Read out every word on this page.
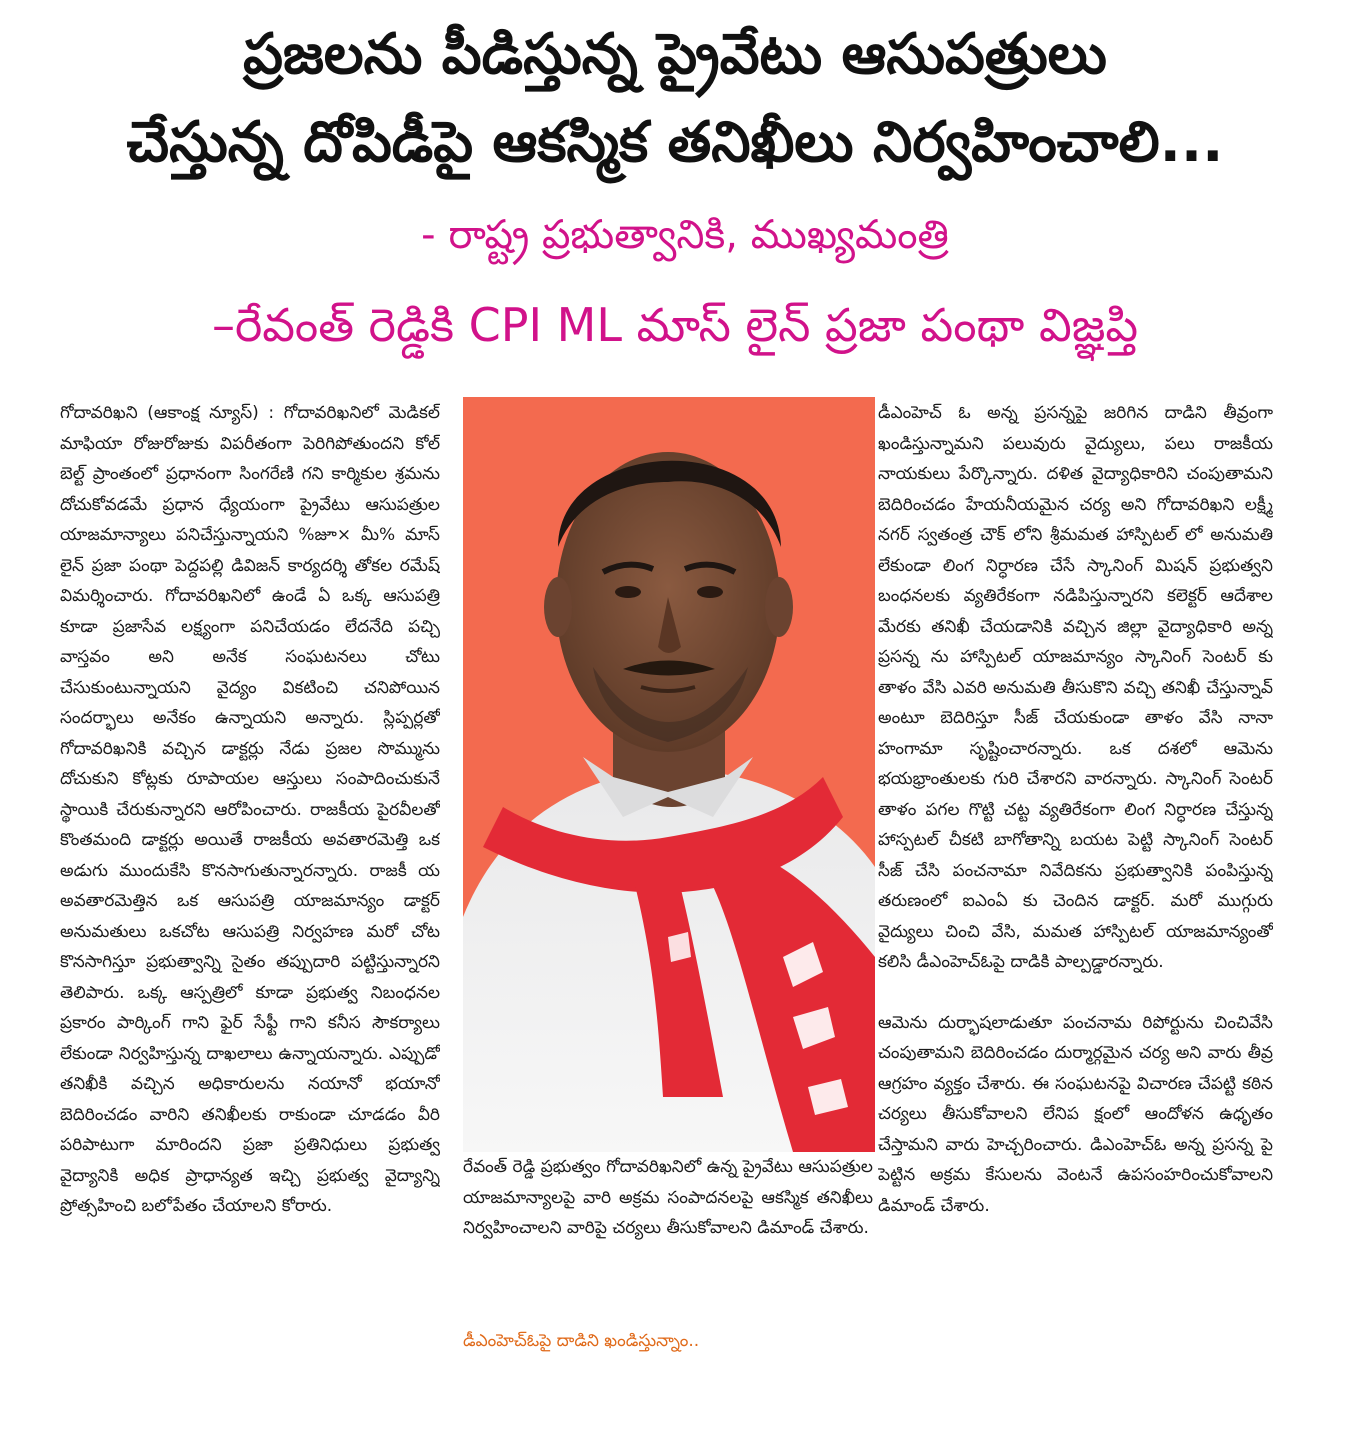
ప్రజలను పీడిస్తున్న ప్రైవేటు ఆసుపత్రులు
చేస్తున్న దోపిడీపై ఆకస్మిక తనిఖీలు నిర్వహించాలి...
- రాష్ట్ర ప్రభుత్వానికి, ముఖ్యమంత్రి
–రేవంత్ రెడ్డికి CPI ML మాస్ లైన్ ప్రజా పంథా విజ్ఞప్తి

గోదావరిఖని (ఆకాంక్ష న్యూస్) : గోదావరిఖనిలో మెడికల్ మాఫియా రోజురోజుకు విపరీతంగా పెరిగిపోతుందని కోల్ బెల్ట్ ప్రాంతంలో ప్రధానంగా సింగరేణి గని కార్మికుల శ్రమను దోచుకోవడమే ప్రధాన ధ్యేయంగా ప్రైవేటు ఆసుపత్రుల యాజమాన్యాలు పనిచేస్తున్నాయని %జూ× మీ% మాస్ లైన్ ప్రజా పంథా పెద్దపల్లి డివిజన్ కార్యదర్శి తోకల రమేష్ విమర్శించారు. గోదావరిఖనిలో ఉండే ఏ ఒక్క ఆసుపత్రి కూడా ప్రజాసేవ లక్ష్యంగా పనిచేయడం లేదనేది పచ్చి వాస్తవం అని అనేక సంఘటనలు చోటు చేసుకుంటున్నాయని వైద్యం వికటించి చనిపోయిన సందర్భాలు అనేకం ఉన్నాయని అన్నారు. స్లిప్పర్లతో గోదావరిఖనికి వచ్చిన డాక్టర్లు నేడు ప్రజల సొమ్మును దోచుకుని కోట్లకు రూపాయల ఆస్తులు సంపాదించుకునే స్థాయికి చేరుకున్నారని ఆరోపించారు. రాజకీయ పైరవీలతో కొంతమంది డాక్టర్లు అయితే రాజకీయ అవతారమెత్తి ఒక అడుగు ముందుకేసి కొనసాగుతున్నారన్నారు. రాజకీ య అవతారమెత్తిన ఒక ఆసుపత్రి యాజమాన్యం డాక్టర్ అనుమతులు ఒకచోట ఆసుపత్రి నిర్వహణ మరో చోట కొనసాగిస్తూ ప్రభుత్వాన్ని సైతం తప్పుదారి పట్టిస్తున్నారని తెలిపారు. ఒక్క ఆస్పత్రిలో కూడా ప్రభుత్వ నిబంధనల ప్రకారం పార్కింగ్ గాని ఫైర్ సేఫ్టీ గాని కనీస సౌకర్యాలు లేకుండా నిర్వహిస్తున్న దాఖలాలు ఉన్నాయన్నారు. ఎప్పుడో తనిఖీకి వచ్చిన అధికారులను నయానో భయానో బెదిరించడం వారిని తనిఖీలకు రాకుండా చూడడం వీరి పరిపాటుగా మారిందని ప్రజా ప్రతినిధులు ప్రభుత్వ వైద్యానికి అధిక ప్రాధాన్యత ఇచ్చి ప్రభుత్వ వైద్యాన్ని ప్రోత్సహించి బలోపేతం చేయాలని కోరారు.

రేవంత్ రెడ్డి ప్రభుత్వం గోదావరిఖనిలో ఉన్న ప్రైవేటు ఆసుపత్రుల యాజమాన్యాలపై వారి అక్రమ సంపాదనలపై ఆకస్మిక తనిఖీలు నిర్వహించాలని వారిపై చర్యలు తీసుకోవాలని డిమాండ్ చేశారు.

డీఎంహెచ్ఓపై దాడిని ఖండిస్తున్నాం..

డీఎంహెచ్ ఓ అన్న ప్రసన్నపై జరిగిన దాడిని తీవ్రంగా ఖండిస్తున్నామని పలువురు వైద్యులు, పలు రాజకీయ నాయకులు పేర్కొన్నారు. దళిత వైద్యాధికారిని చంపుతామని బెదిరించడం హేయనీయమైన చర్య అని గోదావరిఖని లక్ష్మీ నగర్ స్వతంత్ర చౌక్ లోని శ్రీమమత హాస్పిటల్ లో అనుమతి లేకుండా లింగ నిర్ధారణ చేసే స్కానింగ్ మిషన్ ప్రభుత్వని బంధనలకు వ్యతిరేకంగా నడిపిస్తున్నారని కలెక్టర్ ఆదేశాల మేరకు తనిఖీ చేయడానికి వచ్చిన జిల్లా వైద్యాధికారి అన్న ప్రసన్న ను హాస్పిటల్ యాజమాన్యం స్కానింగ్ సెంటర్ కు తాళం వేసి ఎవరి అనుమతి తీసుకొని వచ్చి తనిఖీ చేస్తున్నావ్ అంటూ బెదిరిస్తూ సీజ్ చేయకుండా తాళం వేసి నానా హంగామా సృష్టించారన్నారు. ఒక దశలో ఆమెను భయభ్రాంతులకు గురి చేశారని వారన్నారు. స్కానింగ్ సెంటర్ తాళం పగల గొట్టి చట్ట వ్యతిరేకంగా లింగ నిర్ధారణ చేస్తున్న హాస్పటల్ చీకటి బాగోతాన్ని బయట పెట్టి స్కానింగ్ సెంటర్ సీజ్ చేసి పంచనామా నివేదికను ప్రభుత్వానికి పంపిస్తున్న తరుణంలో ఐఎంఏ కు చెందిన డాక్టర్. మరో ముగ్గురు వైద్యులు చించి వేసి, మమత హాస్పిటల్ యాజమాన్యంతో కలిసి డీఎంహెచ్ఓపై దాడికి పాల్పడ్డారన్నారు.

ఆమెను దుర్భాషలాడుతూ పంచనామ రిపోర్టును చించివేసి చంపుతామని బెదిరించడం దుర్మార్గమైన చర్య అని వారు తీవ్ర ఆగ్రహం వ్యక్తం చేశారు. ఈ సంఘటనపై విచారణ చేపట్టి కఠిన చర్యలు తీసుకోవాలని లేనిప క్షంలో ఆందోళన ఉధృతం చేస్తామని వారు హెచ్చరించారు. డిఎంహెచ్ఓ అన్న ప్రసన్న పై పెట్టిన అక్రమ కేసులను వెంటనే ఉపసంహరించుకోవాలని డిమాండ్ చేశారు.
